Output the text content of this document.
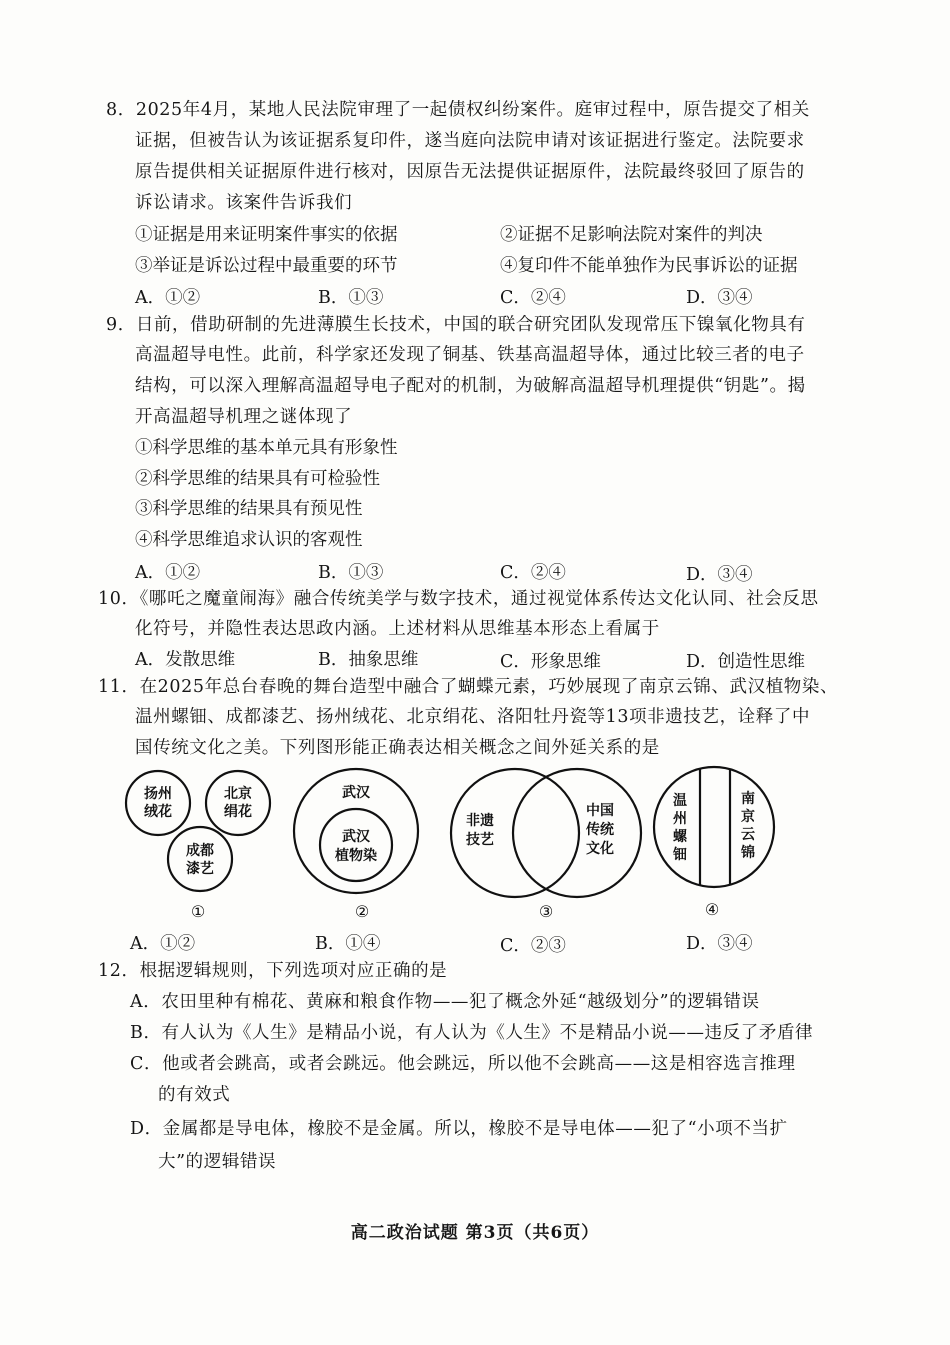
8．2025年4月，某地人民法院审理了一起债权纠纷案件。庭审过程中，原告提交了相关
证据，但被告认为该证据系复印件，遂当庭向法院申请对该证据进行鉴定。法院要求
原告提供相关证据原件进行核对，因原告无法提供证据原件，法院最终驳回了原告的
诉讼请求。该案件告诉我们
①证据是用来证明案件事实的依据	②证据不足影响法院对案件的判决
③举证是诉讼过程中最重要的环节	④复印件不能单独作为民事诉讼的证据
A．①②	B．①③	C．②④	D．③④
9．日前，借助研制的先进薄膜生长技术，中国的联合研究团队发现常压下镍氧化物具有
高温超导电性。此前，科学家还发现了铜基、铁基高温超导体，通过比较三者的电子
结构，可以深入理解高温超导电子配对的机制，为破解高温超导机理提供“钥匙”。揭
开高温超导机理之谜体现了
①科学思维的基本单元具有形象性
②科学思维的结果具有可检验性
③科学思维的结果具有预见性
④科学思维追求认识的客观性
A．①②	B．①③	C．②④	D．③④
10．《哪吒之魔童闹海》融合传统美学与数字技术，通过视觉体系传达文化认同、社会反思
化符号，并隐性表达思政内涵。上述材料从思维基本形态上看属于
A．发散思维	B．抽象思维	C．形象思维	D．创造性思维
11．在2025年总台春晚的舞台造型中融合了蝴蝶元素，巧妙展现了南京云锦、武汉植物染、
温州螺钿、成都漆艺、扬州绒花、北京绢花、洛阳牡丹瓷等13项非遗技艺，诠释了中
国传统文化之美。下列图形能正确表达相关概念之间外延关系的是
扬州
绒花
北京
绢花
成都
漆艺
①
武汉
武汉
植物染
②
非遗
技艺
中国
传统
文化
③
温
州
螺
钿
南
京
云
锦
④
A．①②	B．①④	C．②③	D．③④
12．根据逻辑规则，下列选项对应正确的是
A．农田里种有棉花、黄麻和粮食作物——犯了概念外延“越级划分”的逻辑错误
B．有人认为《人生》是精品小说，有人认为《人生》不是精品小说——违反了矛盾律
C．他或者会跳高，或者会跳远。他会跳远，所以他不会跳高——这是相容选言推理
的有效式
D．金属都是导电体，橡胶不是金属。所以，橡胶不是导电体——犯了“小项不当扩
大”的逻辑错误
高二政治试题 第3页（共6页）
